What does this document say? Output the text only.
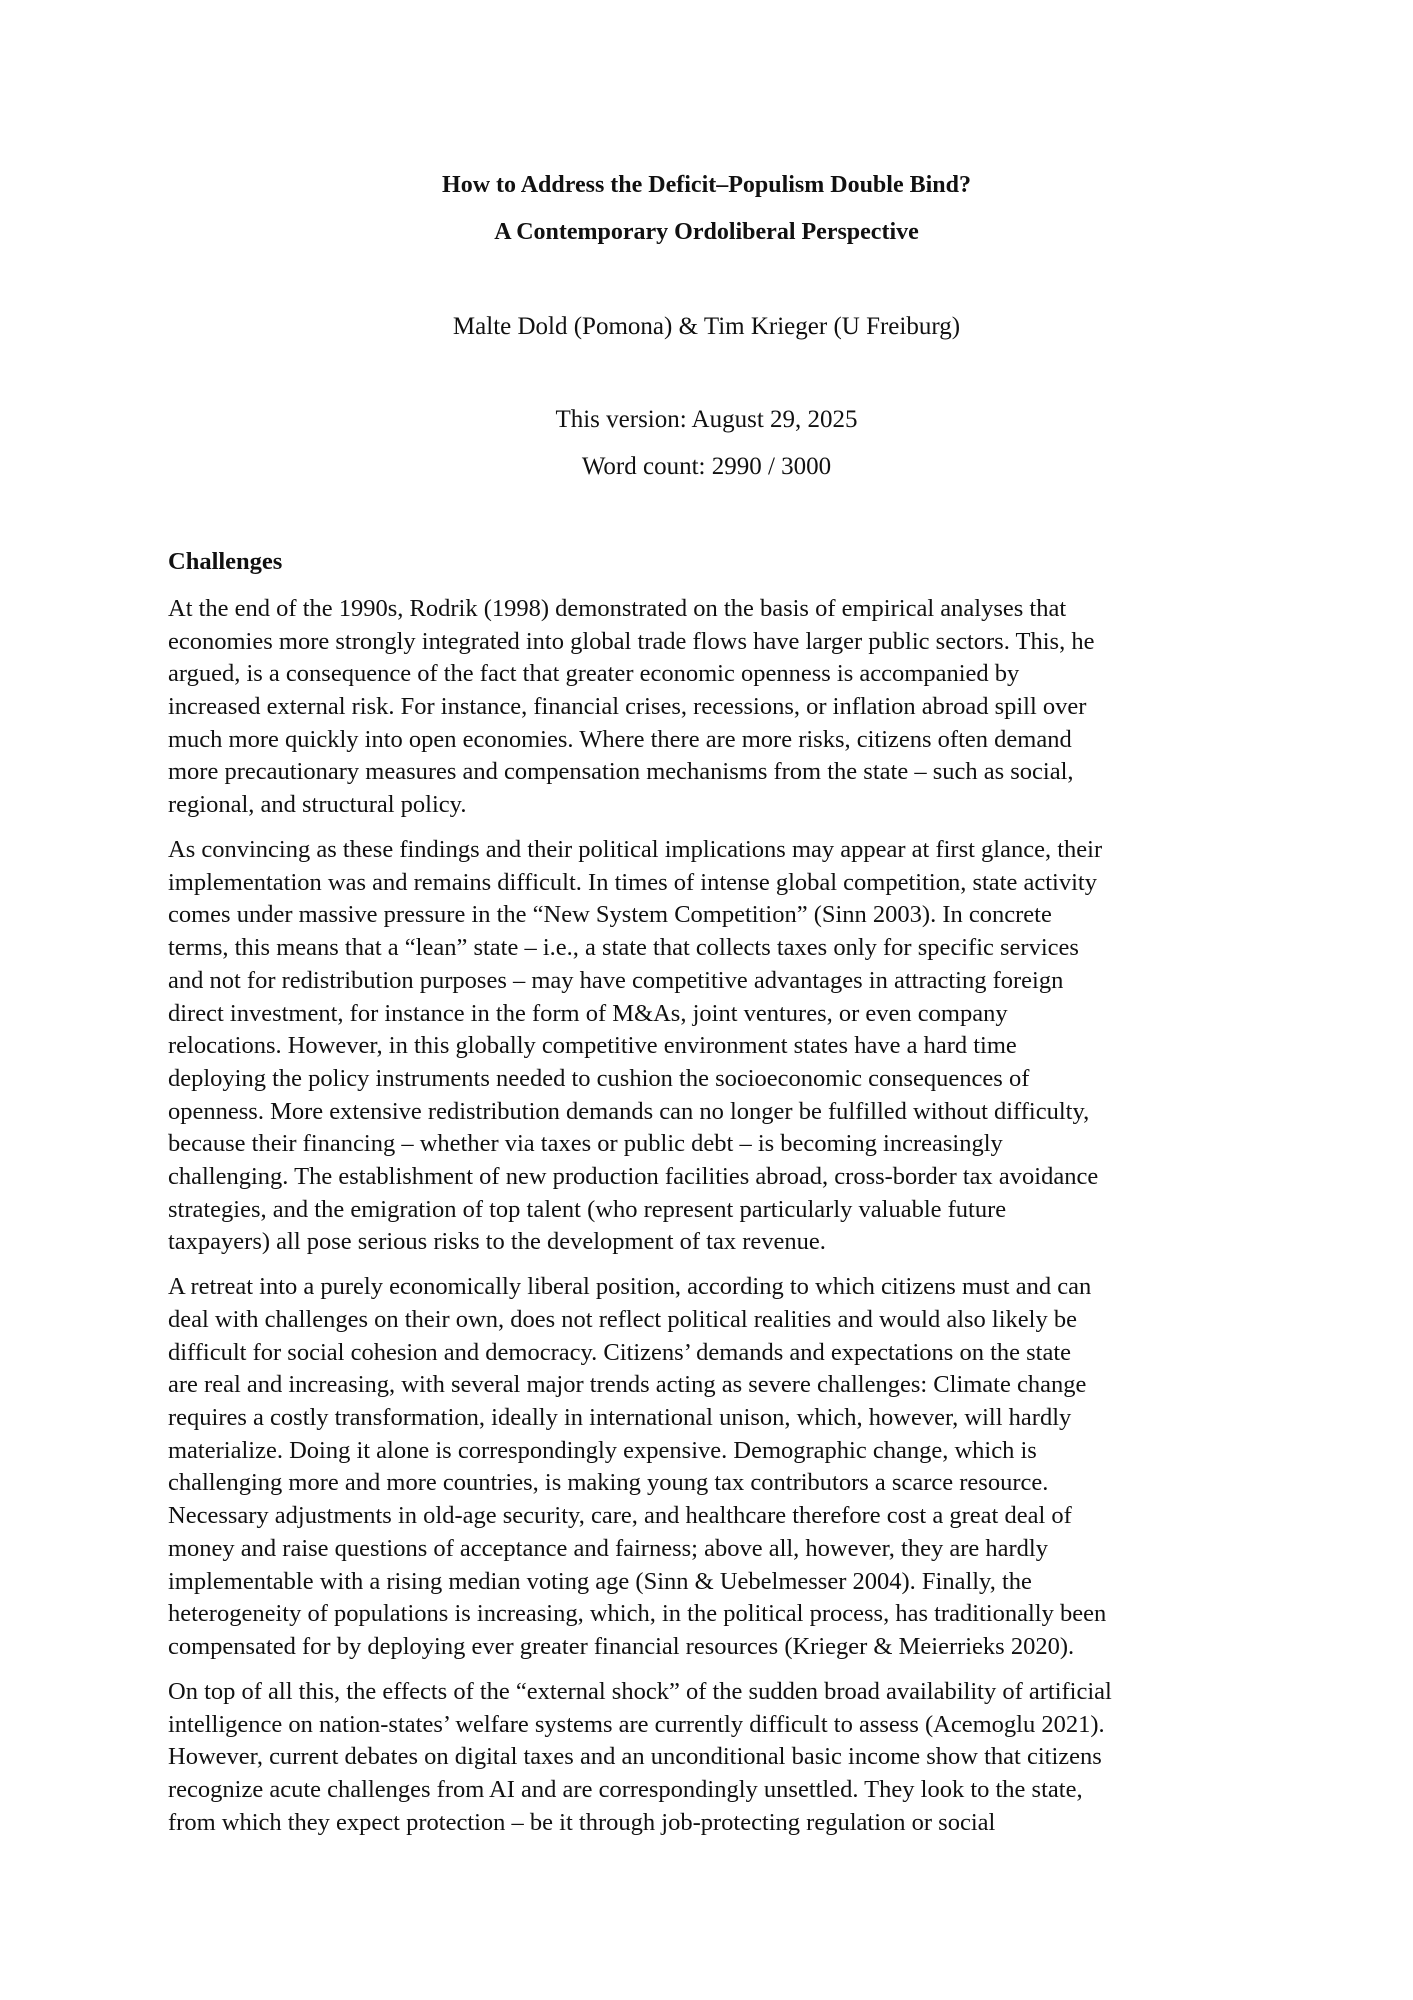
How to Address the Deficit–Populism Double Bind?
A Contemporary Ordoliberal Perspective
Malte Dold (Pomona) & Tim Krieger (U Freiburg)
This version: August 29, 2025
Word count: 2990 / 3000
Challenges

At the end of the 1990s, Rodrik (1998) demonstrated on the basis of empirical analyses that
economies more strongly integrated into global trade flows have larger public sectors. This, he
argued, is a consequence of the fact that greater economic openness is accompanied by
increased external risk. For instance, financial crises, recessions, or inflation abroad spill over
much more quickly into open economies. Where there are more risks, citizens often demand
more precautionary measures and compensation mechanisms from the state – such as social,
regional, and structural policy.

As convincing as these findings and their political implications may appear at first glance, their
implementation was and remains difficult. In times of intense global competition, state activity
comes under massive pressure in the “New System Competition” (Sinn 2003). In concrete
terms, this means that a “lean” state – i.e., a state that collects taxes only for specific services
and not for redistribution purposes – may have competitive advantages in attracting foreign
direct investment, for instance in the form of M&As, joint ventures, or even company
relocations. However, in this globally competitive environment states have a hard time
deploying the policy instruments needed to cushion the socioeconomic consequences of
openness. More extensive redistribution demands can no longer be fulfilled without difficulty,
because their financing – whether via taxes or public debt – is becoming increasingly
challenging. The establishment of new production facilities abroad, cross-border tax avoidance
strategies, and the emigration of top talent (who represent particularly valuable future
taxpayers) all pose serious risks to the development of tax revenue.

A retreat into a purely economically liberal position, according to which citizens must and can
deal with challenges on their own, does not reflect political realities and would also likely be
difficult for social cohesion and democracy. Citizens’ demands and expectations on the state
are real and increasing, with several major trends acting as severe challenges: Climate change
requires a costly transformation, ideally in international unison, which, however, will hardly
materialize. Doing it alone is correspondingly expensive. Demographic change, which is
challenging more and more countries, is making young tax contributors a scarce resource.
Necessary adjustments in old-age security, care, and healthcare therefore cost a great deal of
money and raise questions of acceptance and fairness; above all, however, they are hardly
implementable with a rising median voting age (Sinn & Uebelmesser 2004). Finally, the
heterogeneity of populations is increasing, which, in the political process, has traditionally been
compensated for by deploying ever greater financial resources (Krieger & Meierrieks 2020).

On top of all this, the effects of the “external shock” of the sudden broad availability of artificial
intelligence on nation-states’ welfare systems are currently difficult to assess (Acemoglu 2021).
However, current debates on digital taxes and an unconditional basic income show that citizens
recognize acute challenges from AI and are correspondingly unsettled. They look to the state,
from which they expect protection – be it through job-protecting regulation or social
